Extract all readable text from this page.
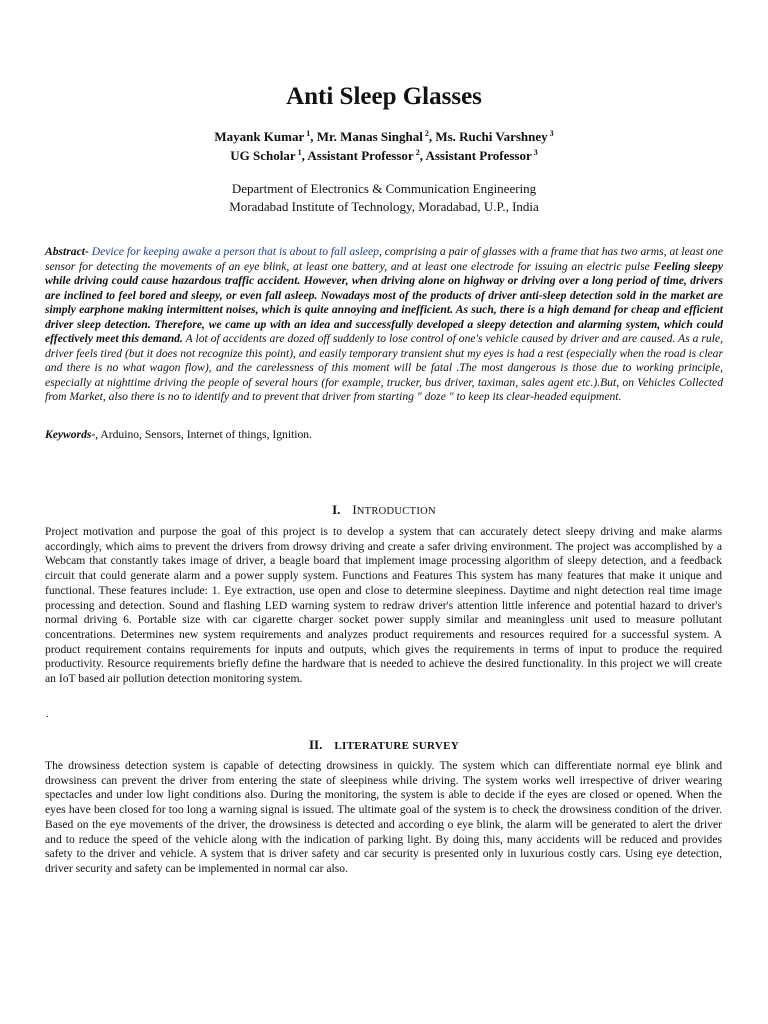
Anti Sleep Glasses
Mayank Kumar $^1$, Mr. Manas Singhal $^2$, Ms. Ruchi Varshney $^3$
UG Scholar $^1$, Assistant Professor $^2$, Assistant Professor $^3$
Department of Electronics & Communication Engineering
Moradabad Institute of Technology, Moradabad, U.P., India
Abstract- Device for keeping awake a person that is about to fall asleep, comprising a pair of glasses with a frame that has two arms, at least one sensor for detecting the movements of an eye blink, at least one battery, and at least one electrode for issuing an electric pulse Feeling sleepy while driving could cause hazardous traffic accident. However, when driving alone on highway or driving over a long period of time, drivers are inclined to feel bored and sleepy, or even fall asleep. Nowadays most of the products of driver anti-sleep detection sold in the market are simply earphone making intermittent noises, which is quite annoying and inefficient. As such, there is a high demand for cheap and efficient driver sleep detection. Therefore, we came up with an idea and successfully developed a sleepy detection and alarming system, which could effectively meet this demand. A lot of accidents are dozed off suddenly to lose control of one's vehicle caused by driver and are caused. As a rule, driver feels tired (but it does not recognize this point), and easily temporary transient shut my eyes is had a rest (especially when the road is clear and there is no what wagon flow), and the carelessness of this moment will be fatal .The most dangerous is those due to working principle, especially at nighttime driving the people of several hours (for example, trucker, bus driver, taximan, sales agent etc.).But, on Vehicles Collected from Market, also there is no to identify and to prevent that driver from starting " doze " to keep its clear-headed equipment.
Keywords-, Arduino, Sensors, Internet of things, Ignition.
I. INTRODUCTION
Project motivation and purpose the goal of this project is to develop a system that can accurately detect sleepy driving and make alarms accordingly, which aims to prevent the drivers from drowsy driving and create a safer driving environment. The project was accomplished by a Webcam that constantly takes image of driver, a beagle board that implement image processing algorithm of sleepy detection, and a feedback circuit that could generate alarm and a power supply system. Functions and Features This system has many features that make it unique and functional. These features include: 1. Eye extraction, use open and close to determine sleepiness. Daytime and night detection real time image processing and detection. Sound and flashing LED warning system to redraw driver's attention little inference and potential hazard to driver's normal driving 6. Portable size with car cigarette charger socket power supply similar and meaningless unit used to measure pollutant concentrations. Determines new system requirements and analyzes product requirements and resources required for a successful system. A product requirement contains requirements for inputs and outputs, which gives the requirements in terms of input to produce the required productivity. Resource requirements briefly define the hardware that is needed to achieve the desired functionality. In this project we will create an IoT based air pollution detection monitoring system.
.
II. LITERATURE SURVEY
The drowsiness detection system is capable of detecting drowsiness in quickly. The system which can differentiate normal eye blink and drowsiness can prevent the driver from entering the state of sleepiness while driving. The system works well irrespective of driver wearing spectacles and under low light conditions also. During the monitoring, the system is able to decide if the eyes are closed or opened. When the eyes have been closed for too long a warning signal is issued. The ultimate goal of the system is to check the drowsiness condition of the driver. Based on the eye movements of the driver, the drowsiness is detected and according o eye blink, the alarm will be generated to alert the driver and to reduce the speed of the vehicle along with the indication of parking light. By doing this, many accidents will be reduced and provides safety to the driver and vehicle. A system that is driver safety and car security is presented only in luxurious costly cars. Using eye detection, driver security and safety can be implemented in normal car also.
